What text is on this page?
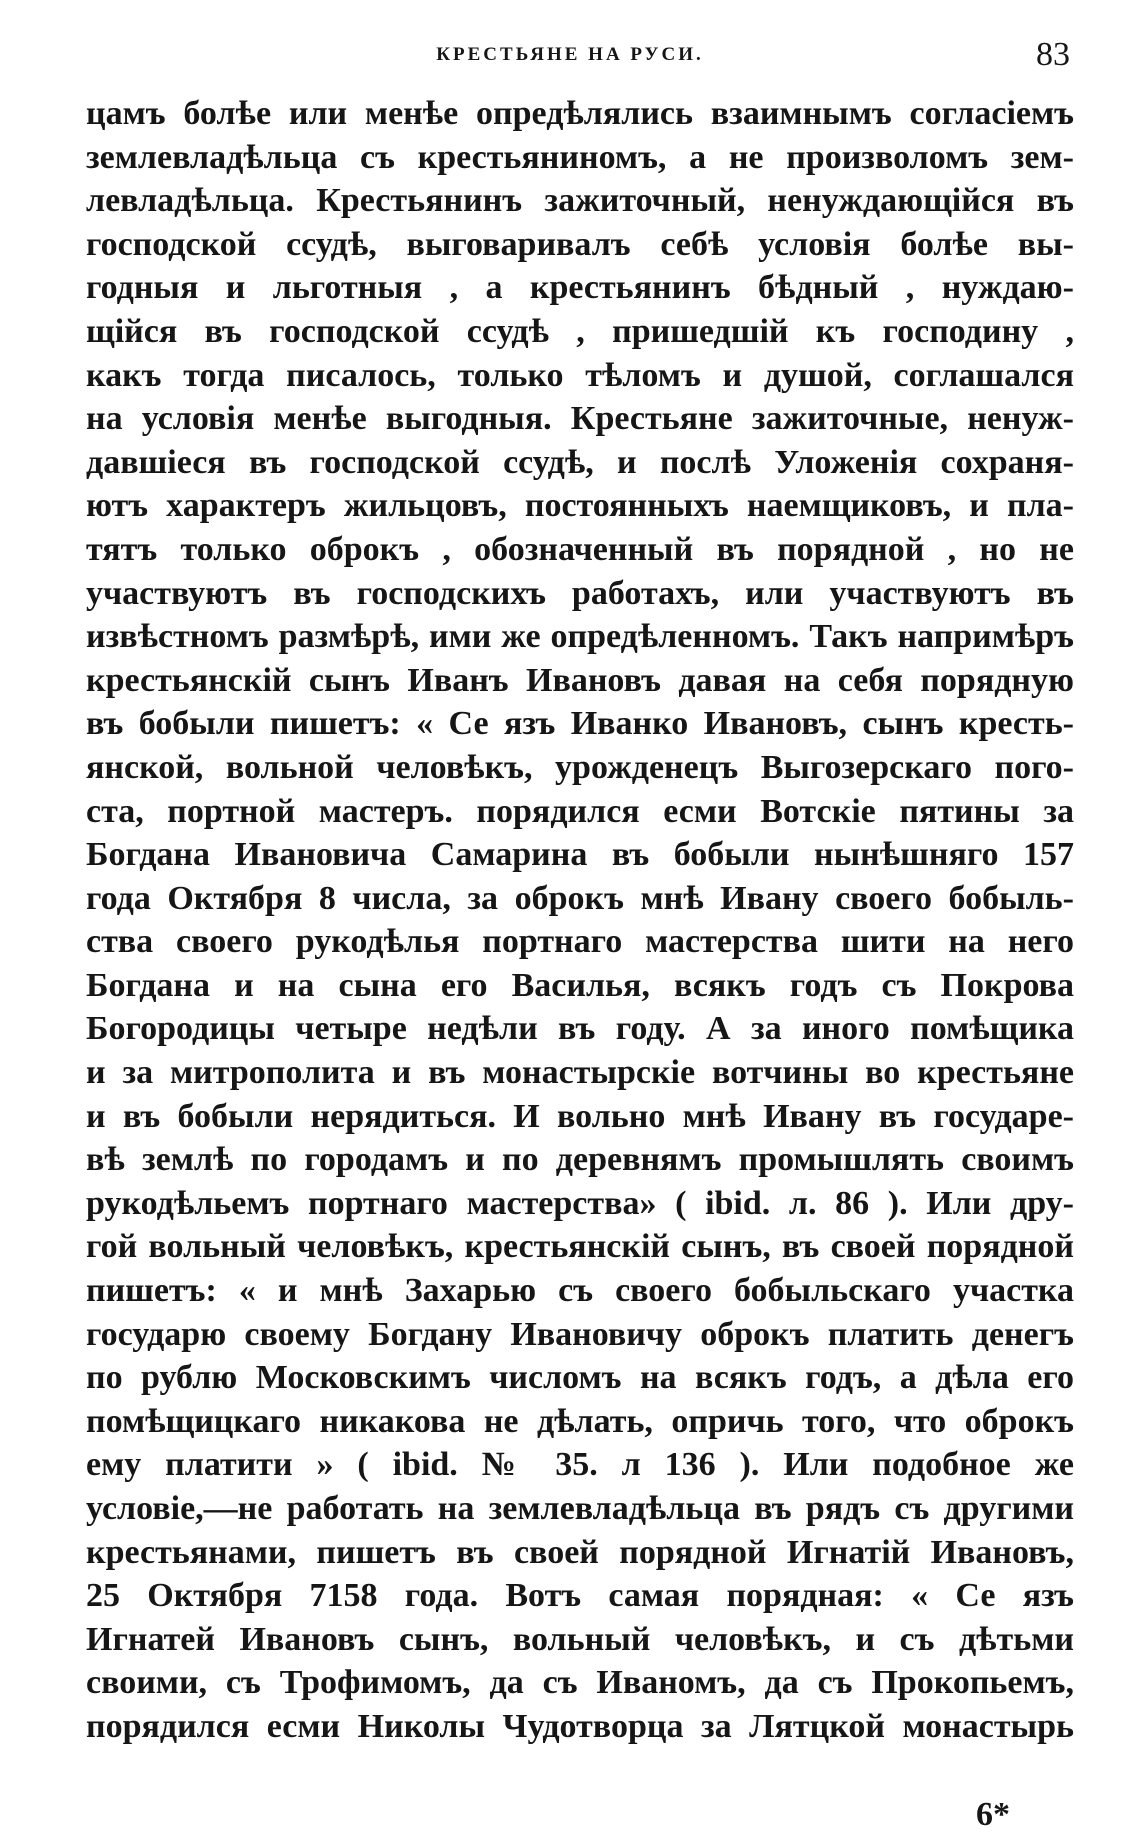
КРЕСТЬЯНЕ НА РУСИ.	83
цамъ болѣе или менѣе опредѣлялись взаимнымъ согласіемъ
землевладѣльца съ крестьяниномъ, а не произволомъ зем-
левладѣльца. Крестьянинъ зажиточный, ненуждающійся въ
господской ссудѣ, выговаривалъ себѣ условія болѣе вы-
годныя и льготныя , а крестьянинъ бѣдный , нуждаю-
щійся въ господской ссудѣ , пришедшій къ господину ,
какъ тогда писалось, только тѣломъ и душой, соглашался
на условія менѣе выгодныя. Крестьяне зажиточные, ненуж-
давшіеся въ господской ссудѣ, и послѣ Уложенія сохраня-
ютъ характеръ жильцовъ, постоянныхъ наемщиковъ, и пла-
тятъ только оброкъ , обозначенный въ порядной , но не
участвуютъ въ господскихъ работахъ, или участвуютъ въ
извѣстномъ размѣрѣ, ими же опредѣленномъ. Такъ напримѣръ
крестьянскій сынъ Иванъ Ивановъ давая на себя порядную
въ бобыли пишетъ: « Се язъ Иванко Ивановъ, сынъ кресть-
янской, вольной человѣкъ, урожденецъ Выгозерскаго пого-
ста, портной мастеръ. порядился есми Вотскіе пятины за
Богдана Ивановича Самарина въ бобыли нынѣшняго 157
года Октября 8 числа, за оброкъ мнѣ Ивану своего бобыль-
ства своего рукодѣлья портнаго мастерства шити на него
Богдана и на сына его Василья, всякъ годъ съ Покрова
Богородицы четыре недѣли въ году. А за иного помѣщика
и за митрополита и въ монастырскіе вотчины во крестьяне
и въ бобыли нерядиться. И вольно мнѣ Ивану въ государе-
вѣ землѣ по городамъ и по деревнямъ промышлять своимъ
рукодѣльемъ портнаго мастерства» ( ibid. л. 86 ). Или дру-
гой вольный человѣкъ, крестьянскій сынъ, въ своей порядной
пишетъ: « и мнѣ Захарью съ своего бобыльскаго участка
государю своему Богдану Ивановичу оброкъ платить денегъ
по рублю Московскимъ числомъ на всякъ годъ, а дѣла его
помѣщицкаго никакова не дѣлать, опричь того, что оброкъ
ему платити » ( ibid. № 35. л 136 ). Или подобное же
условіе,—не работать на землевладѣльца въ рядъ съ другими
крестьянами, пишетъ въ своей порядной Игнатій Ивановъ,
25 Октября 7158 года. Вотъ самая порядная: « Се язъ
Игнатей Ивановъ сынъ, вольный человѣкъ, и съ дѣтьми
своими, съ Трофимомъ, да съ Иваномъ, да съ Прокопьемъ,
порядился есми Николы Чудотворца за Лятцкой монастырь
6*
